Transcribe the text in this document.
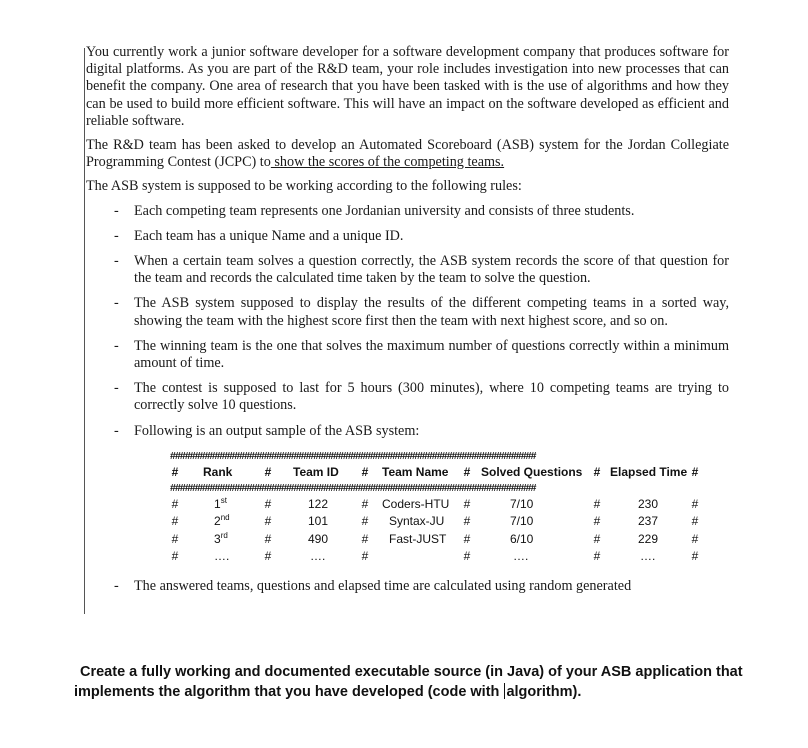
You currently work a junior software developer for a software development company that produces software for digital platforms. As you are part of the R&D team, your role includes investigation into new processes that can benefit the company. One area of research that you have been tasked with is the use of algorithms and how they can be used to build more efficient software. This will have an impact on the software developed as efficient and reliable software.

The R&D team has been asked to develop an Automated Scoreboard (ASB) system for the Jordan Collegiate Programming Contest (JCPC) to show the scores of the competing teams.

The ASB system is supposed to be working according to the following rules:

- Each competing team represents one Jordanian university and consists of three students.
- Each team has a unique Name and a unique ID.
- When a certain team solves a question correctly, the ASB system records the score of that question for the team and records the calculated time taken by the team to solve the question.
- The ASB system supposed to display the results of the different competing teams in a sorted way, showing the team with the highest score first then the team with next highest score, and so on.
- The winning team is the one that solves the maximum number of questions correctly within a minimum amount of time.
- The contest is supposed to last for 5 hours (300 minutes), where 10 competing teams are trying to correctly solve 10 questions.
- Following is an output sample of the ASB system:
##########################################################################
# Rank	# Team ID # Team Name # Solved Questions # Elapsed Time #
##########################################################################
#	1st	#	122	# Coders-HTU #	7/10	#	230	#
#	2nd	#	101	# Syntax-JU #	7/10	#	237	#
#	3rd	#	490	# Fast-JUST #	6/10	#	229	#
#	….	#	….	#	#	….	#	….	#
- The answered teams, questions and elapsed time are calculated using random generated

Create a fully working and documented executable source (in Java) of your ASB application that

implements the algorithm that you have developed (code with algorithm).
